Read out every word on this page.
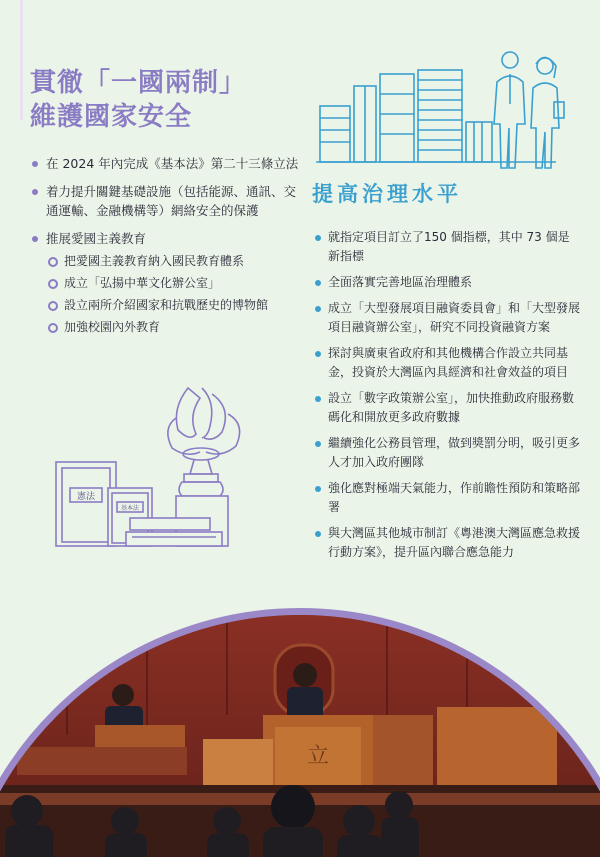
貫徹「一國兩制」
維護國家安全
在 2024 年內完成《基本法》第二十三條立法
着力提升關鍵基礎設施（包括能源、通訊、交通運輸、金融機構等）網絡安全的保護
推展愛國主義教育
把愛國主義教育納入國民教育體系
成立「弘揚中華文化辦公室」
設立兩所介紹國家和抗戰歷史的博物館
加強校園內外教育
憲法
基本法
提高治理水平
就指定項目訂立了150 個指標，其中 73 個是新指標
全面落實完善地區治理體系
成立「大型發展項目融資委員會」和「大型發展項目融資辦公室」，研究不同投資融資方案
探討與廣東省政府和其他機構合作設立共同基金，投資於大灣區內具經濟和社會效益的項目
設立「數字政策辦公室」，加快推動政府服務數碼化和開放更多政府數據
繼續強化公務員管理，做到獎罰分明，吸引更多人才加入政府團隊
強化應對極端天氣能力，作前瞻性預防和策略部署
與大灣區其他城市制訂《粵港澳大灣區應急救援行動方案》，提升區內聯合應急能力
立
